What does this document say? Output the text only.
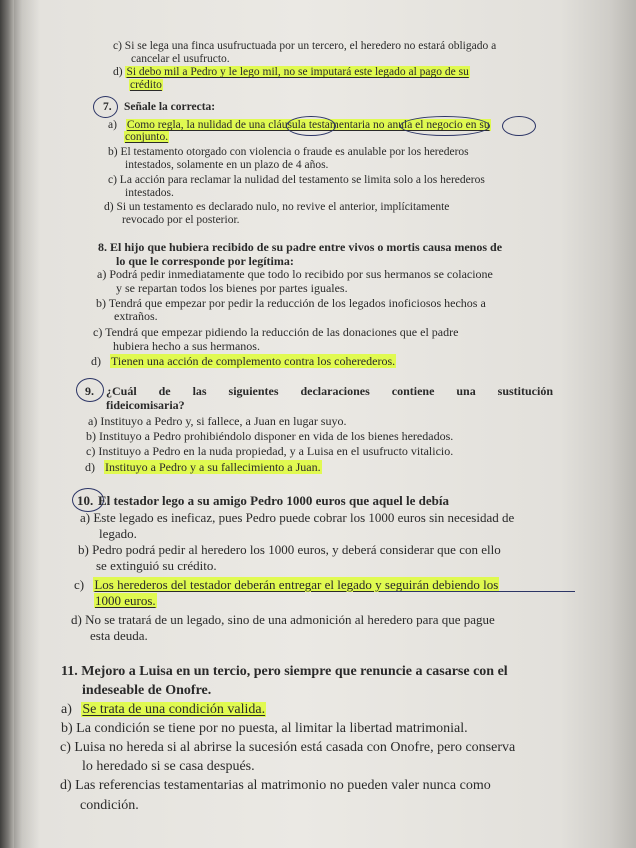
c) Si se lega una finca usufructuada por un tercero, el heredero no estará obligado a
cancelar el usufructo.
d) Si debo mil a Pedro y le lego mil, no se imputará este legado al pago de su
crédito
7. Señale la correcta:
a) Como regla, la nulidad de una cláusula testamentaria no anula el negocio en su
conjunto.
b) El testamento otorgado con violencia o fraude es anulable por los herederos
intestados, solamente en un plazo de 4 años.
c) La acción para reclamar la nulidad del testamento se limita solo a los herederos
intestados.
d) Si un testamento es declarado nulo, no revive el anterior, implícitamente
revocado por el posterior.
8. El hijo que hubiera recibido de su padre entre vivos o mortis causa menos de
lo que le corresponde por legítima:
a) Podrá pedir inmediatamente que todo lo recibido por sus hermanos se colacione
y se repartan todos los bienes por partes iguales.
b) Tendrá que empezar por pedir la reducción de los legados inoficiosos hechos a
extraños.
c) Tendrá que empezar pidiendo la reducción de las donaciones que el padre
hubiera hecho a sus hermanos.
d) Tienen una acción de complemento contra los coherederos.
9. ¿Cuál de las siguientes declaraciones contiene una sustitución
fideicomisaria?
a) Instituyo a Pedro y, si fallece, a Juan en lugar suyo.
b) Instituyo a Pedro prohibiéndolo disponer en vida de los bienes heredados.
c) Instituyo a Pedro en la nuda propiedad, y a Luisa en el usufructo vitalicio.
d) Instituyo a Pedro y a su fallecimiento a Juan.
10. El testador lego a su amigo Pedro 1000 euros que aquel le debía
a) Este legado es ineficaz, pues Pedro puede cobrar los 1000 euros sin necesidad de
legado.
b) Pedro podrá pedir al heredero los 1000 euros, y deberá considerar que con ello
se extinguió su crédito.
c) Los herederos del testador deberán entregar el legado y seguirán debiendo los
1000 euros.
d) No se tratará de un legado, sino de una admonición al heredero para que pague
esta deuda.
11. Mejoro a Luisa en un tercio, pero siempre que renuncie a casarse con el
indeseable de Onofre.
a) Se trata de una condición valida.
b) La condición se tiene por no puesta, al limitar la libertad matrimonial.
c) Luisa no hereda si al abrirse la sucesión está casada con Onofre, pero conserva
lo heredado si se casa después.
d) Las referencias testamentarias al matrimonio no pueden valer nunca como
condición.
